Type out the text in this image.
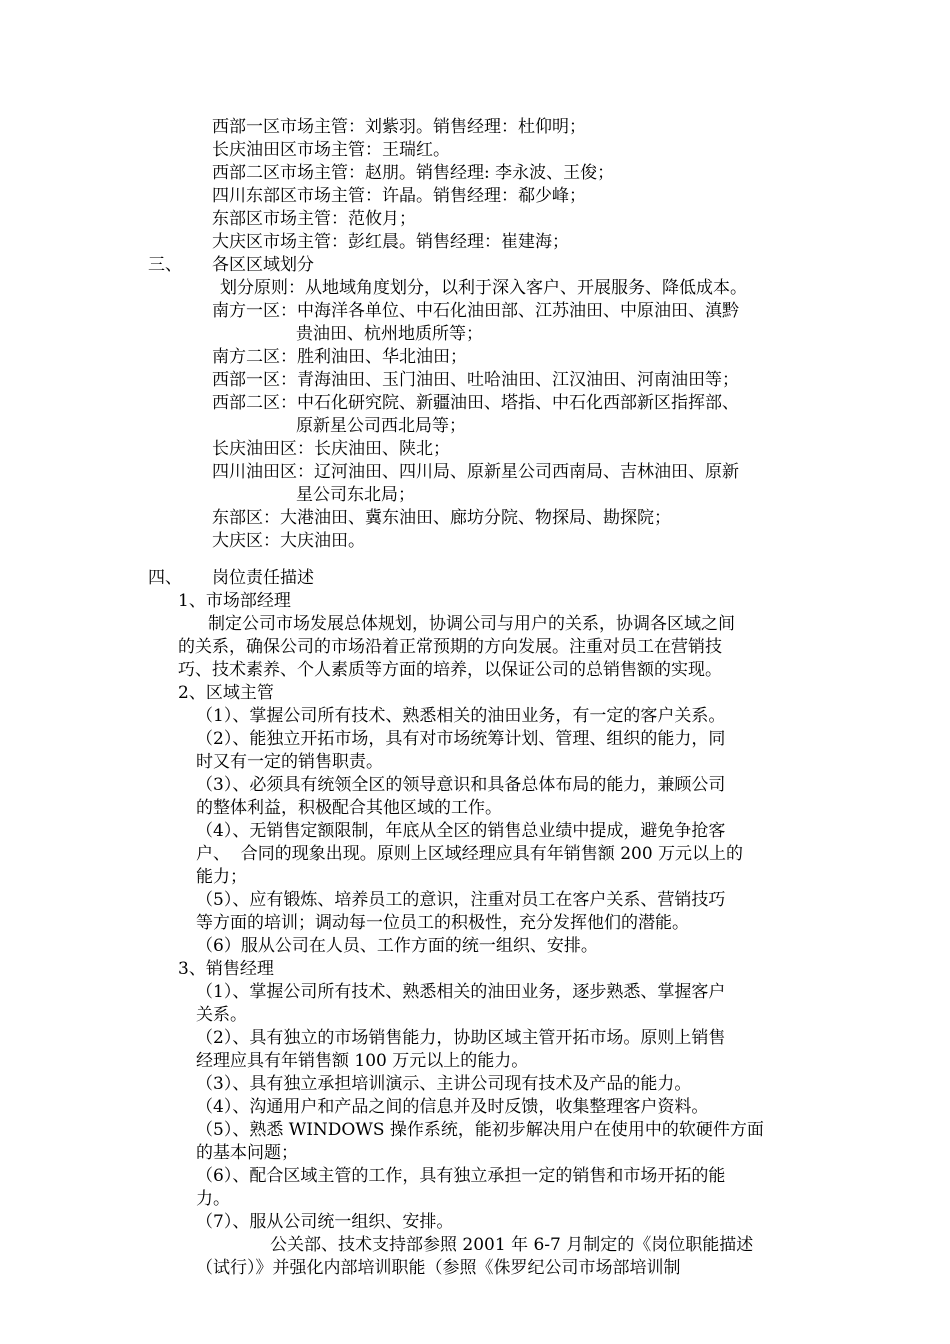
西部一区市场主管：刘紫羽。销售经理：杜仰明；

长庆油田区市场主管：王瑞红。

西部二区市场主管：赵朋。销售经理: 李永波、王俊；

四川东部区市场主管：许晶。销售经理：郗少峰；

东部区市场主管：范攸月；

大庆区市场主管：彭红晨。销售经理：崔建海；

三、 各区区域划分

划分原则：从地域角度划分，以利于深入客户、开展服务、降低成本。

南方一区：中海洋各单位、中石化油田部、江苏油田、中原油田、滇黔

贵油田、杭州地质所等；

南方二区：胜利油田、华北油田；

西部一区：青海油田、玉门油田、吐哈油田、江汉油田、河南油田等；

西部二区：中石化研究院、新疆油田、塔指、中石化西部新区指挥部、

原新星公司西北局等；

长庆油田区：长庆油田、陕北；

四川油田区：辽河油田、四川局、原新星公司西南局、吉林油田、原新

星公司东北局；

东部区：大港油田、冀东油田、廊坊分院、物探局、勘探院；

大庆区：大庆油田。

四、 岗位责任描述

1、市场部经理

制定公司市场发展总体规划，协调公司与用户的关系，协调各区域之间

的关系，确保公司的市场沿着正常预期的方向发展。注重对员工在营销技

巧、技术素养、个人素质等方面的培养，以保证公司的总销售额的实现。

2、区域主管

（1）、掌握公司所有技术、熟悉相关的油田业务，有一定的客户关系。

（2）、能独立开拓市场，具有对市场统筹计划、管理、组织的能力，同

时又有一定的销售职责。

（3）、必须具有统领全区的领导意识和具备总体布局的能力，兼顾公司

的整体利益，积极配合其他区域的工作。

（4）、无销售定额限制，年底从全区的销售总业绩中提成，避免争抢客

户、  合同的现象出现。原则上区域经理应具有年销售额 200 万元以上的

能力；

（5）、应有锻炼、培养员工的意识，注重对员工在客户关系、营销技巧

等方面的培训；调动每一位员工的积极性，充分发挥他们的潜能。

（6）服从公司在人员、工作方面的统一组织、安排。

3、销售经理

（1）、掌握公司所有技术、熟悉相关的油田业务，逐步熟悉、掌握客户

关系。

（2）、具有独立的市场销售能力，协助区域主管开拓市场。原则上销售

经理应具有年销售额 100 万元以上的能力。

（3）、具有独立承担培训演示、主讲公司现有技术及产品的能力。

（4）、沟通用户和产品之间的信息并及时反馈，收集整理客户资料。

（5）、熟悉 WINDOWS 操作系统，能初步解决用户在使用中的软硬件方面

的基本问题；

（6）、配合区域主管的工作，具有独立承担一定的销售和市场开拓的能

力。

（7）、服从公司统一组织、安排。

公关部、技术支持部参照 2001 年 6-7 月制定的《岗位职能描述

（试行）》并强化内部培训职能（参照《侏罗纪公司市场部培训制
